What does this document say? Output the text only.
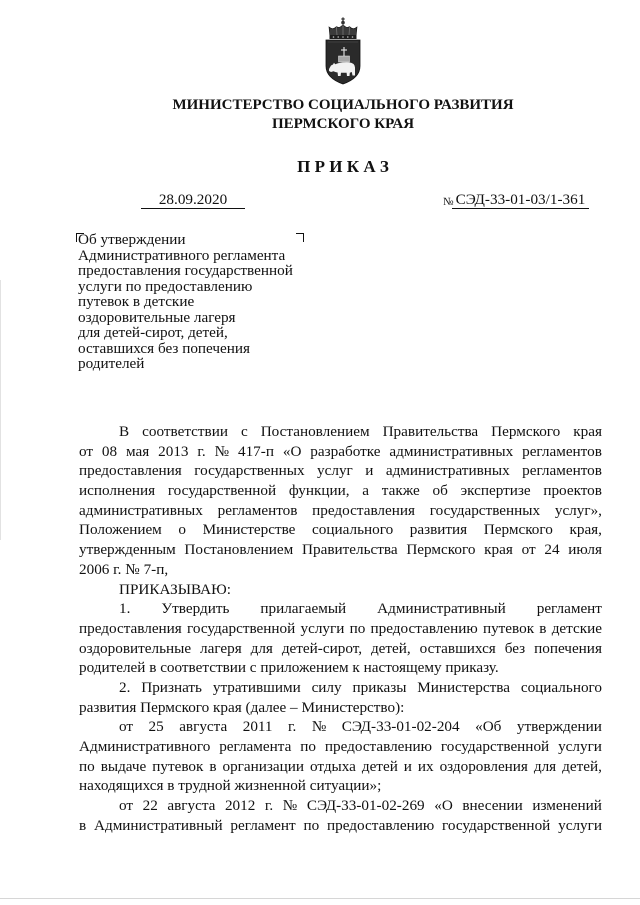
МИНИСТЕРСТВО СОЦИАЛЬНОГО РАЗВИТИЯ
ПЕРМСКОГО КРАЯ
П Р И К А З
28.09.2020	№ СЭД-33-01-03/1-361
Об утверждении
Административного регламента
предоставления государственной
услуги по предоставлению
путевок в детские
оздоровительные лагеря
для детей-сирот, детей,
оставшихся без попечения
родителей
В соответствии с Постановлением Правительства Пермского края
от 08 мая 2013 г. № 417-п «О разработке административных регламентов
предоставления государственных услуг и административных регламентов
исполнения государственной функции, а также об экспертизе проектов
административных регламентов предоставления государственных услуг»,
Положением о Министерстве социального развития Пермского края,
утвержденным Постановлением Правительства Пермского края от 24 июля
2006 г. № 7-п,
ПРИКАЗЫВАЮ:
1. Утвердить прилагаемый Административный регламент
предоставления государственной услуги по предоставлению путевок в детские
оздоровительные лагеря для детей-сирот, детей, оставшихся без попечения
родителей в соответствии с приложением к настоящему приказу.
2. Признать утратившими силу приказы Министерства социального
развития Пермского края (далее – Министерство):
от 25 августа 2011 г. № СЭД-33-01-02-204 «Об утверждении
Административного регламента по предоставлению государственной услуги
по выдаче путевок в организации отдыха детей и их оздоровления для детей,
находящихся в трудной жизненной ситуации»;
от 22 августа 2012 г. № СЭД-33-01-02-269 «О внесении изменений
в Административный регламент по предоставлению государственной услуги
